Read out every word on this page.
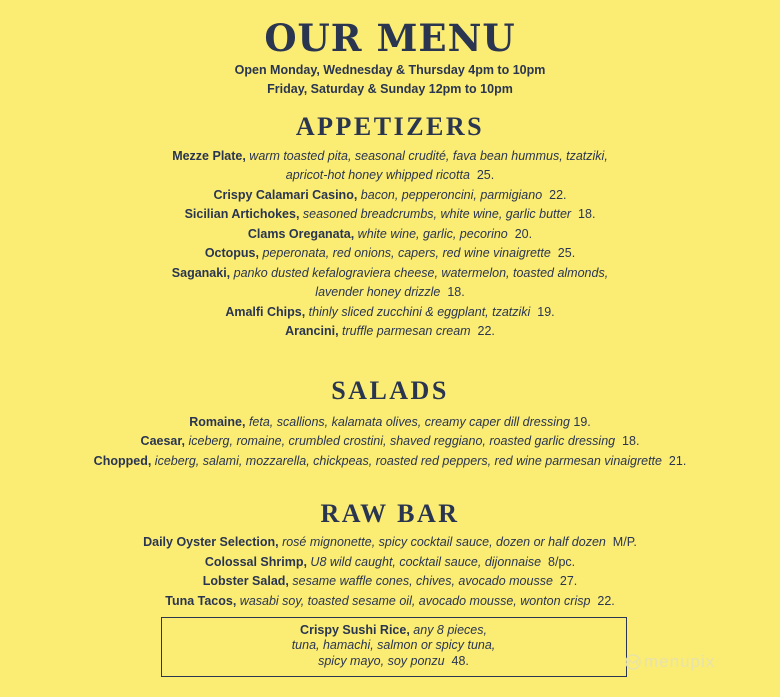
OUR MENU
Open Monday, Wednesday & Thursday 4pm to 10pm
Friday, Saturday & Sunday 12pm to 10pm
APPETIZERS
Mezze Plate, warm toasted pita, seasonal crudité, fava bean hummus, tzatziki,
apricot-hot honey whipped ricotta  25.
Crispy Calamari Casino, bacon, pepperoncini, parmigiano  22.
Sicilian Artichokes, seasoned breadcrumbs, white wine, garlic butter  18.
Clams Oreganata, white wine, garlic, pecorino  20.
Octopus, peperonata, red onions, capers, red wine vinaigrette  25.
Saganaki, panko dusted kefalograviera cheese, watermelon, toasted almonds,
lavender honey drizzle  18.
Amalfi Chips, thinly sliced zucchini & eggplant, tzatziki  19.
Arancini, truffle parmesan cream  22.
SALADS
Romaine, feta, scallions, kalamata olives, creamy caper dill dressing 19.
Caesar, iceberg, romaine, crumbled crostini, shaved reggiano, roasted garlic dressing  18.
Chopped, iceberg, salami, mozzarella, chickpeas, roasted red peppers, red wine parmesan vinaigrette  21.
RAW BAR
Daily Oyster Selection, rosé mignonette, spicy cocktail sauce, dozen or half dozen  M/P.
Colossal Shrimp, U8 wild caught, cocktail sauce, dijonnaise  8/pc.
Lobster Salad, sesame waffle cones, chives, avocado mousse  27.
Tuna Tacos, wasabi soy, toasted sesame oil, avocado mousse, wonton crisp  22.
Crispy Sushi Rice, any 8 pieces,
tuna, hamachi, salmon or spicy tuna,
spicy mayo, soy ponzu  48.	menupix
